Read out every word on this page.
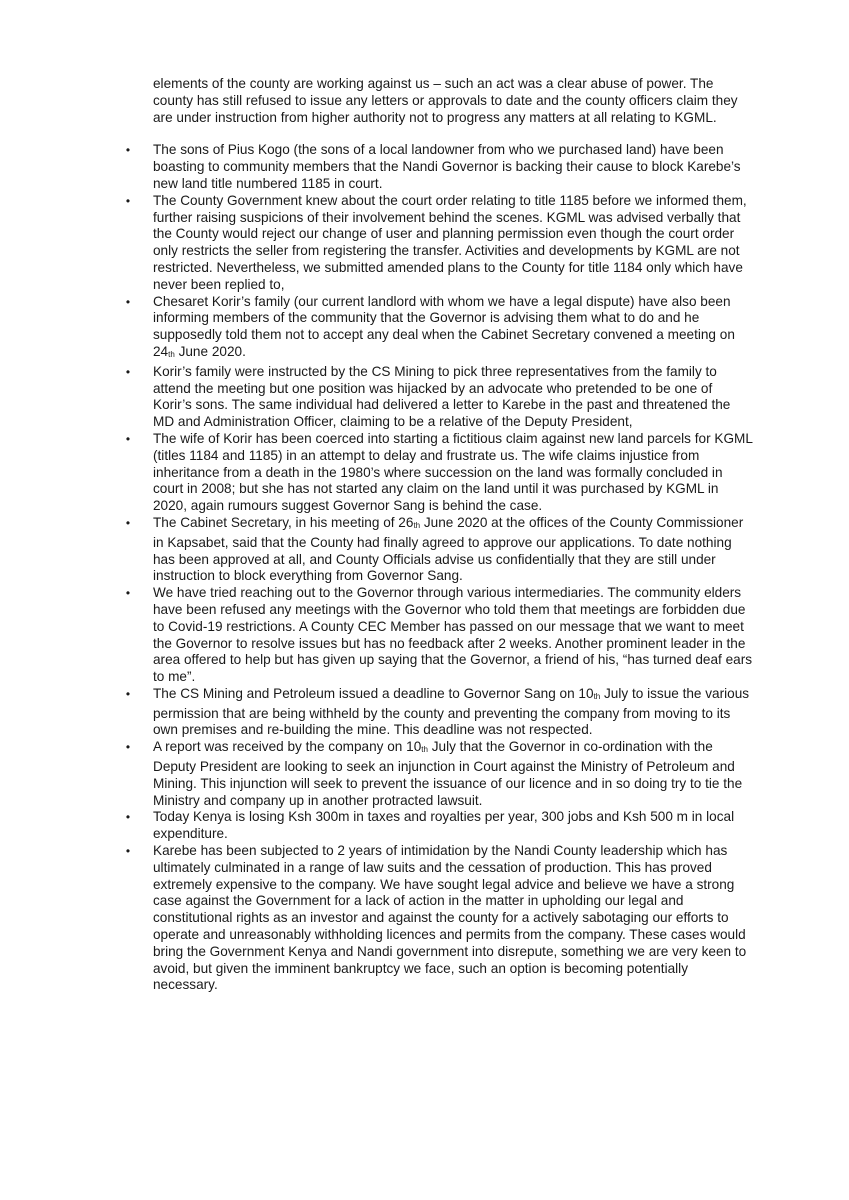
elements of the county are working against us – such an act was a clear abuse of power. The county has still refused to issue any letters or approvals to date and the county officers claim they are under instruction from higher authority not to progress any matters at all relating to KGML.

• The sons of Pius Kogo (the sons of a local landowner from who we purchased land) have been boasting to community members that the Nandi Governor is backing their cause to block Karebe’s new land title numbered 1185 in court.
• The County Government knew about the court order relating to title 1185 before we informed them, further raising suspicions of their involvement behind the scenes. KGML was advised verbally that the County would reject our change of user and planning permission even though the court order only restricts the seller from registering the transfer. Activities and developments by KGML are not restricted. Nevertheless, we submitted amended plans to the County for title 1184 only which have never been replied to,
• Chesaret Korir’s family (our current landlord with whom we have a legal dispute) have also been informing members of the community that the Governor is advising them what to do and he supposedly told them not to accept any deal when the Cabinet Secretary convened a meeting on $24_{th}$ June 2020.
• Korir’s family were instructed by the CS Mining to pick three representatives from the family to attend the meeting but one position was hijacked by an advocate who pretended to be one of Korir’s sons. The same individual had delivered a letter to Karebe in the past and threatened the MD and Administration Officer, claiming to be a relative of the Deputy President,
• The wife of Korir has been coerced into starting a fictitious claim against new land parcels for KGML (titles 1184 and 1185) in an attempt to delay and frustrate us. The wife claims injustice from inheritance from a death in the 1980’s where succession on the land was formally concluded in court in 2008; but she has not started any claim on the land until it was purchased by KGML in 2020, again rumours suggest Governor Sang is behind the case.
• The Cabinet Secretary, in his meeting of $26_{th}$ June 2020 at the offices of the County Commissioner in Kapsabet, said that the County had finally agreed to approve our applications. To date nothing has been approved at all, and County Officials advise us confidentially that they are still under instruction to block everything from Governor Sang.
• We have tried reaching out to the Governor through various intermediaries. The community elders have been refused any meetings with the Governor who told them that meetings are forbidden due to Covid-19 restrictions. A County CEC Member has passed on our message that we want to meet the Governor to resolve issues but has no feedback after 2 weeks. Another prominent leader in the area offered to help but has given up saying that the Governor, a friend of his, “has turned deaf ears to me”.
• The CS Mining and Petroleum issued a deadline to Governor Sang on $10_{th}$ July to issue the various permission that are being withheld by the county and preventing the company from moving to its own premises and re-building the mine. This deadline was not respected.
• A report was received by the company on $10_{th}$ July that the Governor in co-ordination with the Deputy President are looking to seek an injunction in Court against the Ministry of Petroleum and Mining. This injunction will seek to prevent the issuance of our licence and in so doing try to tie the Ministry and company up in another protracted lawsuit.
• Today Kenya is losing Ksh 300m in taxes and royalties per year, 300 jobs and Ksh 500 m in local expenditure.
• Karebe has been subjected to 2 years of intimidation by the Nandi County leadership which has ultimately culminated in a range of law suits and the cessation of production. This has proved extremely expensive to the company. We have sought legal advice and believe we have a strong case against the Government for a lack of action in the matter in upholding our legal and constitutional rights as an investor and against the county for a actively sabotaging our efforts to operate and unreasonably withholding licences and permits from the company. These cases would bring the Government Kenya and Nandi government into disrepute, something we are very keen to avoid, but given the imminent bankruptcy we face, such an option is becoming potentially necessary.
